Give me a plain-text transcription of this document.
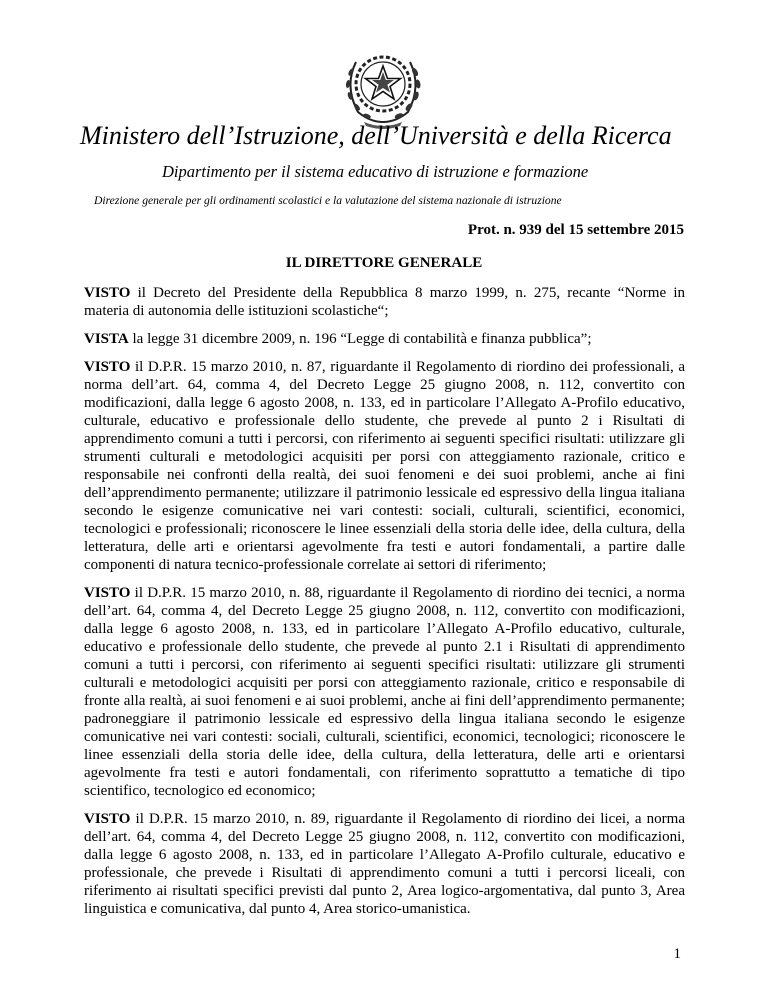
Ministero dell’Istruzione, dell’Università e della Ricerca
Dipartimento per il sistema educativo di istruzione e formazione
Direzione generale per gli ordinamenti scolastici e la valutazione del sistema nazionale di istruzione
Prot. n. 939 del 15 settembre 2015
IL DIRETTORE GENERALE

VISTO il Decreto del Presidente della Repubblica 8 marzo 1999, n. 275, recante “Norme in materia di autonomia delle istituzioni scolastiche“;

VISTA la legge 31 dicembre 2009, n. 196 “Legge di contabilità e finanza pubblica”;

VISTO il D.P.R. 15 marzo 2010, n. 87, riguardante il Regolamento di riordino dei professionali, a norma dell’art. 64, comma 4, del Decreto Legge 25 giugno 2008, n. 112, convertito con modificazioni, dalla legge 6 agosto 2008, n. 133, ed in particolare l’Allegato A-Profilo educativo, culturale, educativo e professionale dello studente, che prevede al punto 2 i Risultati di apprendimento comuni a tutti i percorsi, con riferimento ai seguenti specifici risultati: utilizzare gli strumenti culturali e metodologici acquisiti per porsi con atteggiamento razionale, critico e responsabile nei confronti della realtà, dei suoi fenomeni e dei suoi problemi, anche ai fini dell’apprendimento permanente; utilizzare il patrimonio lessicale ed espressivo della lingua italiana secondo le esigenze comunicative nei vari contesti: sociali, culturali, scientifici, economici, tecnologici e professionali; riconoscere le linee essenziali della storia delle idee, della cultura, della letteratura, delle arti e orientarsi agevolmente fra testi e autori fondamentali, a partire dalle componenti di natura tecnico-professionale correlate ai settori di riferimento;

VISTO il D.P.R. 15 marzo 2010, n. 88, riguardante il Regolamento di riordino dei tecnici, a norma dell’art. 64, comma 4, del Decreto Legge 25 giugno 2008, n. 112, convertito con modificazioni, dalla legge 6 agosto 2008, n. 133, ed in particolare l’Allegato A-Profilo educativo, culturale, educativo e professionale dello studente, che prevede al punto 2.1 i Risultati di apprendimento comuni a tutti i percorsi, con riferimento ai seguenti specifici risultati: utilizzare gli strumenti culturali e metodologici acquisiti per porsi con atteggiamento razionale, critico e responsabile di fronte alla realtà, ai suoi fenomeni e ai suoi problemi, anche ai fini dell’apprendimento permanente; padroneggiare il patrimonio lessicale ed espressivo della lingua italiana secondo le esigenze comunicative nei vari contesti: sociali, culturali, scientifici, economici, tecnologici; riconoscere le linee essenziali della storia delle idee, della cultura, della letteratura, delle arti e orientarsi agevolmente fra testi e autori fondamentali, con riferimento soprattutto a tematiche di tipo scientifico, tecnologico ed economico;

VISTO il D.P.R. 15 marzo 2010, n. 89, riguardante il Regolamento di riordino dei licei, a norma dell’art. 64, comma 4, del Decreto Legge 25 giugno 2008, n. 112, convertito con modificazioni, dalla legge 6 agosto 2008, n. 133, ed in particolare l’Allegato A-Profilo culturale, educativo e professionale, che prevede i Risultati di apprendimento comuni a tutti i percorsi liceali, con riferimento ai risultati specifici previsti dal punto 2, Area logico-argomentativa, dal punto 3, Area linguistica e comunicativa, dal punto 4, Area storico-umanistica.

1
